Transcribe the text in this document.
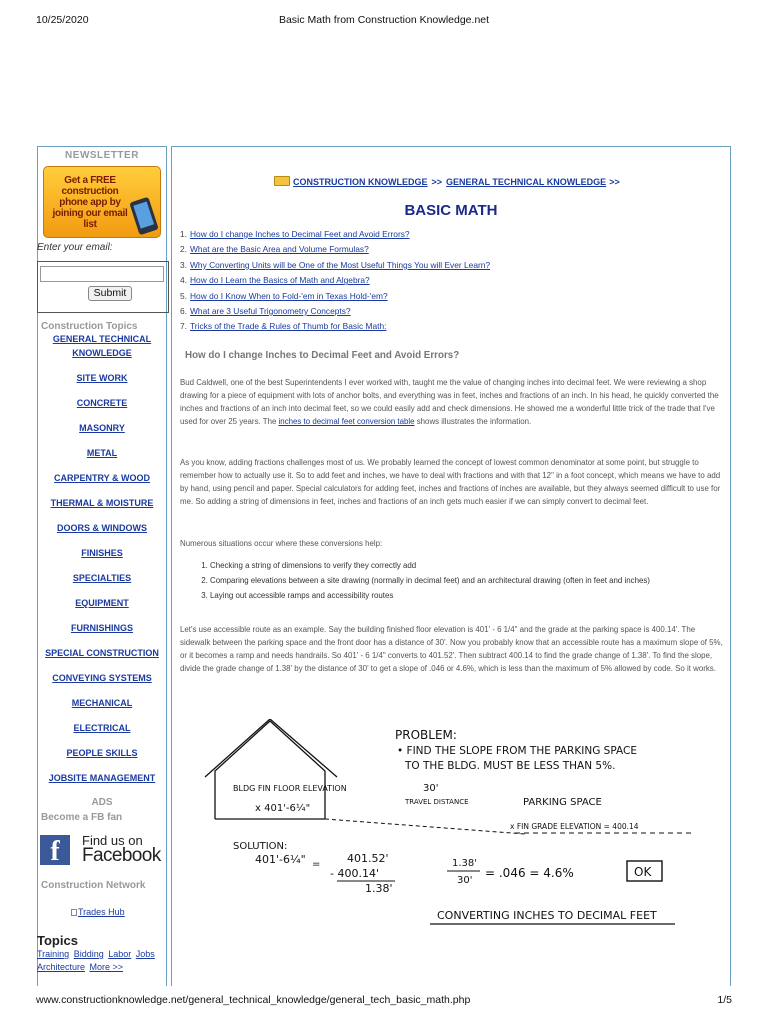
10/25/2020	Basic Math from Construction Knowledge.net
NEWSLETTER
Get a FREE construction phone app by joining our email list
Enter your email:
Submit
Construction Topics
GENERAL TECHNICAL KNOWLEDGE
SITE WORK
CONCRETE
MASONRY
METAL
CARPENTRY & WOOD
THERMAL & MOISTURE
DOORS & WINDOWS
FINISHES
SPECIALTIES
EQUIPMENT
FURNISHINGS
SPECIAL CONSTRUCTION
CONVEYING SYSTEMS
MECHANICAL
ELECTRICAL
PEOPLE SKILLS
JOBSITE MANAGEMENT
ADS
Become a FB fan
f	Find us on
Facebook
Construction Network
Trades Hub
Topics
Training Bidding Labor Jobs
Architecture More >>
CONSTRUCTION KNOWLEDGE >> GENERAL TECHNICAL KNOWLEDGE >>
BASIC MATH
1. How do I change Inches to Decimal Feet and Avoid Errors?
2. What are the Basic Area and Volume Formulas?
3. Why Converting Units will be One of the Most Useful Things You will Ever Learn?
4. How do I Learn the Basics of Math and Algebra?
5. How do I Know When to Fold-'em in Texas Hold-'em?
6. What are 3 Useful Trigonometry Concepts?
7. Tricks of the Trade & Rules of Thumb for Basic Math:
How do I change Inches to Decimal Feet and Avoid Errors?

Bud Caldwell, one of the best Superintendents I ever worked with, taught me the value of changing inches into decimal feet. We were reviewing a shop drawing for a piece of equipment with lots of anchor bolts, and everything was in feet, inches and fractions of an inch. In his head, he quickly converted the inches and fractions of an inch into decimal feet, so we could easily add and check dimensions. He showed me a wonderful little trick of the trade that I've used for over 25 years. The inches to decimal feet conversion table shows illustrates the information.

As you know, adding fractions challenges most of us. We probably learned the concept of lowest common denominator at some point, but struggle to remember how to actually use it. So to add feet and inches, we have to deal with fractions and with that 12" in a foot concept, which means we have to add by hand, using pencil and paper. Special calculators for adding feet, inches and fractions of inches are available, but they always seemed difficult to use for me. So adding a string of dimensions in feet, inches and fractions of an inch gets much easier if we can simply convert to decimal feet.

Numerous situations occur where these conversions help:

1. Checking a string of dimensions to verify they correctly add
2. Comparing elevations between a site drawing (normally in decimal feet) and an architectural drawing (often in feet and inches)
3. Laying out accessible ramps and accessibility routes

Let's use accessible route as an example. Say the building finished floor elevation is 401' - 6 1/4" and the grade at the parking space is 400.14'. The sidewalk between the parking space and the front door has a distance of 30'. Now you probably know that an accessible route has a maximum slope of 5%, or it becomes a ramp and needs handrails. So 401' - 6 1/4" converts to 401.52'. Then subtract 400.14 to find the grade change of 1.38'. To find the slope, divide the grade change of 1.38' by the distance of 30' to get a slope of .046 or 4.6%, which is less than the maximum of 5% allowed by code. So it works.

PROBLEM:
• FIND THE SLOPE FROM THE PARKING SPACE
TO THE BLDG. MUST BE LESS THAN 5%.
BLDG FIN FLOOR ELEVATION
x 401'-6¼"
30'
TRAVEL DISTANCE	PARKING SPACE
x FIN GRADE ELEVATION = 400.14
SOLUTION:
401'-6¼" = 401.52'
- 400.14'
1.38'
1.38'
30'
= .046 = 4.6%	OK
CONVERTING INCHES TO DECIMAL FEET
www.constructionknowledge.net/general_technical_knowledge/general_tech_basic_math.php	1/5
